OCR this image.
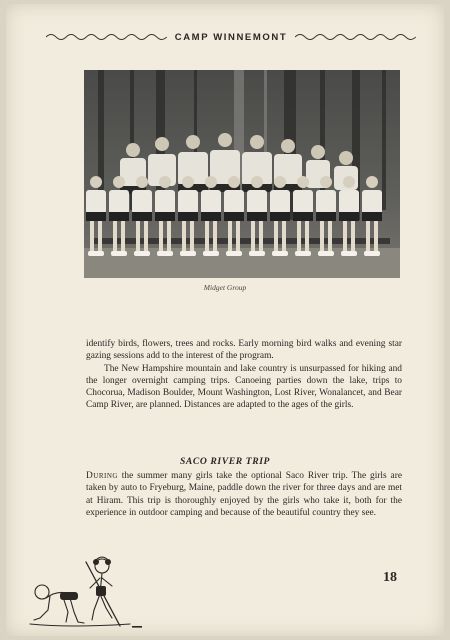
CAMP WINNEMONT
Midget Group

identify birds, flowers, trees and rocks. Early morning bird walks and evening star gazing sessions add to the interest of the program.

The New Hampshire mountain and lake country is unsurpassed for hiking and the longer overnight camping trips. Canoeing parties down the lake, trips to Chocorua, Madison Boulder, Mount Washington, Lost River, Wonalancet, and Bear Camp River, are planned. Distances are adapted to the ages of the girls.

SACO RIVER TRIP

During the summer many girls take the optional Saco River trip. The girls are taken by auto to Fryeburg, Maine, paddle down the river for three days and are met at Hiram. This trip is thoroughly enjoyed by the girls who take it, both for the experience in outdoor camping and because of the beautiful country they see.

18
